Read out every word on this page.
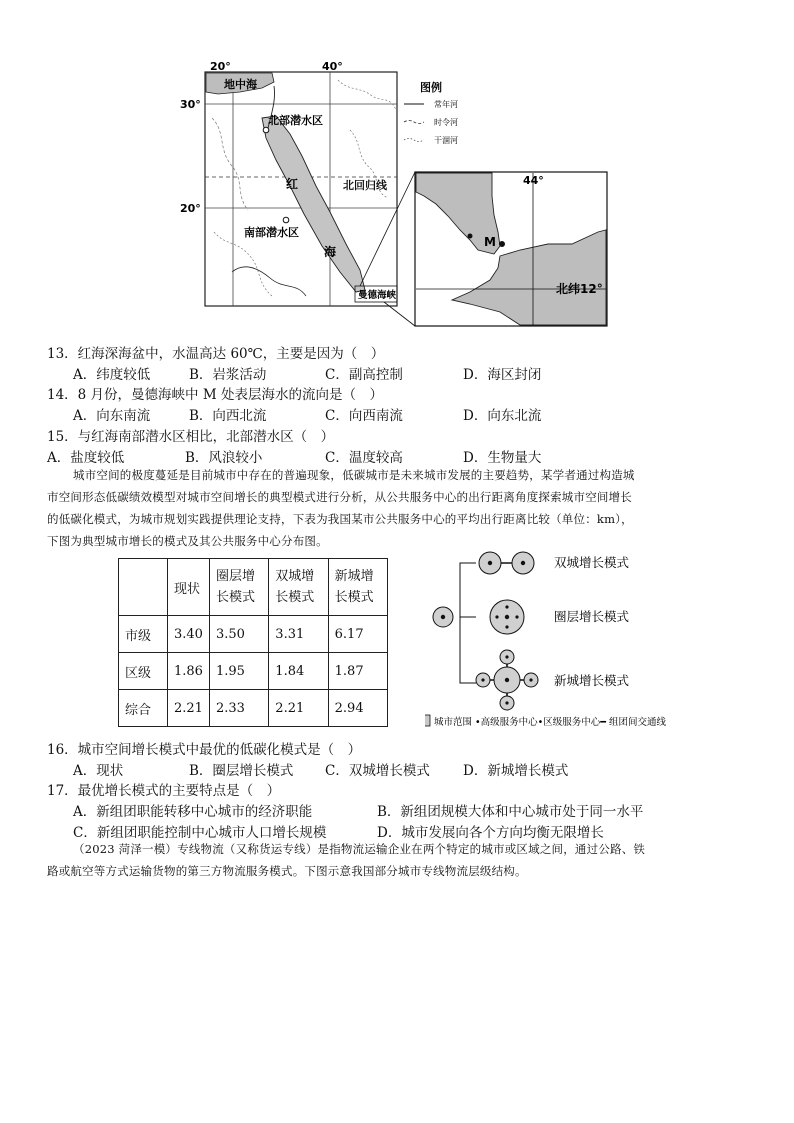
20°	40°
30°
20°
地中海
北部潜水区
南部潜水区
红
海
北回归线
曼德海峡
图例
常年河
时令河
干涸河
44°
M
北纬12°
13．红海深海盆中，水温高达 60℃，主要是因为（　）
A．纬度较低	B．岩浆活动	C．副高控制	D．海区封闭
14．8 月份，曼德海峡中 M 处表层海水的流向是（　）
A．向东南流	B．向西北流	C．向西南流	D．向东北流
15．与红海南部潜水区相比，北部潜水区（　）
A．盐度较低	B．风浪较小	C．温度较高	D．生物量大
城市空间的极度蔓延是目前城市中存在的普遍现象，低碳城市是未来城市发展的主要趋势，某学者通过构造城
市空间形态低碳绩效模型对城市空间增长的典型模式进行分析，从公共服务中心的出行距离角度探索城市空间增长
的低碳化模式，为城市规划实践提供理论支持，下表为我国某市公共服务中心的平均出行距离比较（单位：km），
下图为典型城市增长的模式及其公共服务中心分布图。
	现状	圈层增长模式	双城增长模式	新城增长模式
市级	3.40	3.50	3.31	6.17
区级	1.86	1.95	1.84	1.87
综合	2.21	2.33	2.21	2.94
双城增长模式
圈层增长模式
新城增长模式
城市范围 •高级服务中心•区级服务中心━ 组团间交通线
16．城市空间增长模式中最优的低碳化模式是（　）
A．现状	B．圈层增长模式 C．双城增长模式 D．新城增长模式
17．最优增长模式的主要特点是（　）
A．新组团职能转移中心城市的经济职能	B．新组团规模大体和中心城市处于同一水平
C．新组团职能控制中心城市人口增长规模	D．城市发展向各个方向均衡无限增长
（2023 菏泽一模）专线物流（又称货运专线）是指物流运输企业在两个特定的城市或区域之间，通过公路、铁
路或航空等方式运输货物的第三方物流服务模式。下图示意我国部分城市专线物流层级结构。
